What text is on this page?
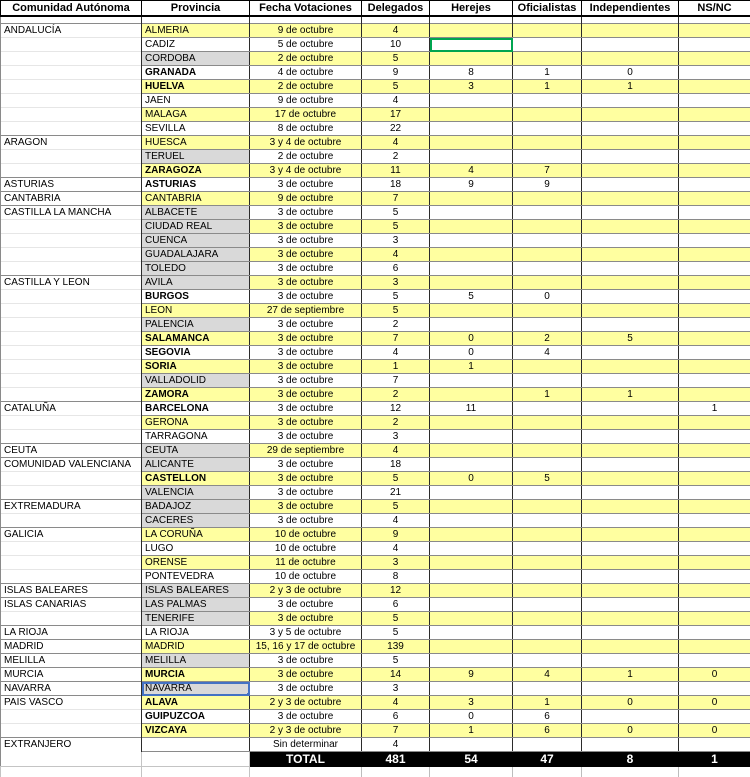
Comunidad Autónoma	Provincia	Fecha Votaciones	Delegados	Herejes	Oficialistas	Independientes	NS/NC

ANDALUCÍA	ALMERIA	9 de octubre	4				
	CADIZ	5 de octubre	10				
	CORDOBA	2 de octubre	5				
	GRANADA	4 de octubre	9	8	1	0	
	HUELVA	2 de octubre	5	3	1	1	
	JAEN	9 de octubre	4				
	MALAGA	17 de octubre	17				
	SEVILLA	8 de octubre	22				
ARAGON	HUESCA	3 y 4 de octubre	4				
	TERUEL	2 de octubre	2				
	ZARAGOZA	3 y 4 de octubre	11	4	7		
ASTURIAS	ASTURIAS	3 de octubre	18	9	9		
CANTABRIA	CANTABRIA	9 de octubre	7				
CASTILLA LA MANCHA	ALBACETE	3 de octubre	5				
	CIUDAD REAL	3 de octubre	5				
	CUENCA	3 de octubre	3				
	GUADALAJARA	3 de octubre	4				
	TOLEDO	3 de octubre	6				
CASTILLA Y LEON	AVILA	3 de octubre	3				
	BURGOS	3 de octubre	5	5	0		
	LEON	27 de septiembre	5				
	PALENCIA	3 de octubre	2				
	SALAMANCA	3 de octubre	7	0	2	5	
	SEGOVIA	3 de octubre	4	0	4		
	SORIA	3 de octubre	1	1			
	VALLADOLID	3 de octubre	7				
	ZAMORA	3 de octubre	2		1	1	
CATALUÑA	BARCELONA	3 de octubre	12	11			1
	GERONA	3 de octubre	2				
	TARRAGONA	3 de octubre	3				
CEUTA	CEUTA	29 de septiembre	4				
COMUNIDAD VALENCIANA	ALICANTE	3 de octubre	18				
	CASTELLON	3 de octubre	5	0	5		
	VALENCIA	3 de octubre	21				
EXTREMADURA	BADAJOZ	3 de octubre	5				
	CACERES	3 de octubre	4				
GALICIA	LA CORUÑA	10 de octubre	9				
	LUGO	10 de octubre	4				
	ORENSE	11 de octubre	3				
	PONTEVEDRA	10 de octubre	8				
ISLAS BALEARES	ISLAS BALEARES	2 y 3 de octubre	12				
ISLAS CANARIAS	LAS PALMAS	3 de octubre	6				
	TENERIFE	3 de octubre	5				
LA RIOJA	LA RIOJA	3 y 5 de octubre	5				
MADRID	MADRID	15, 16 y 17 de octubre	139				
MELILLA	MELILLA	3 de octubre	5				
MURCIA	MURCIA	3 de octubre	14	9	4	1	0
NAVARRA	NAVARRA	3 de octubre	3				
PAIS VASCO	ALAVA	2 y 3 de octubre	4	3	1	0	0
	GUIPUZCOA	3 de octubre	6	0	6		
	VIZCAYA	2 y 3 de octubre	7	1	6	0	0
EXTRANJERO		Sin determinar	4				
		TOTAL	481	54	47	8	1
